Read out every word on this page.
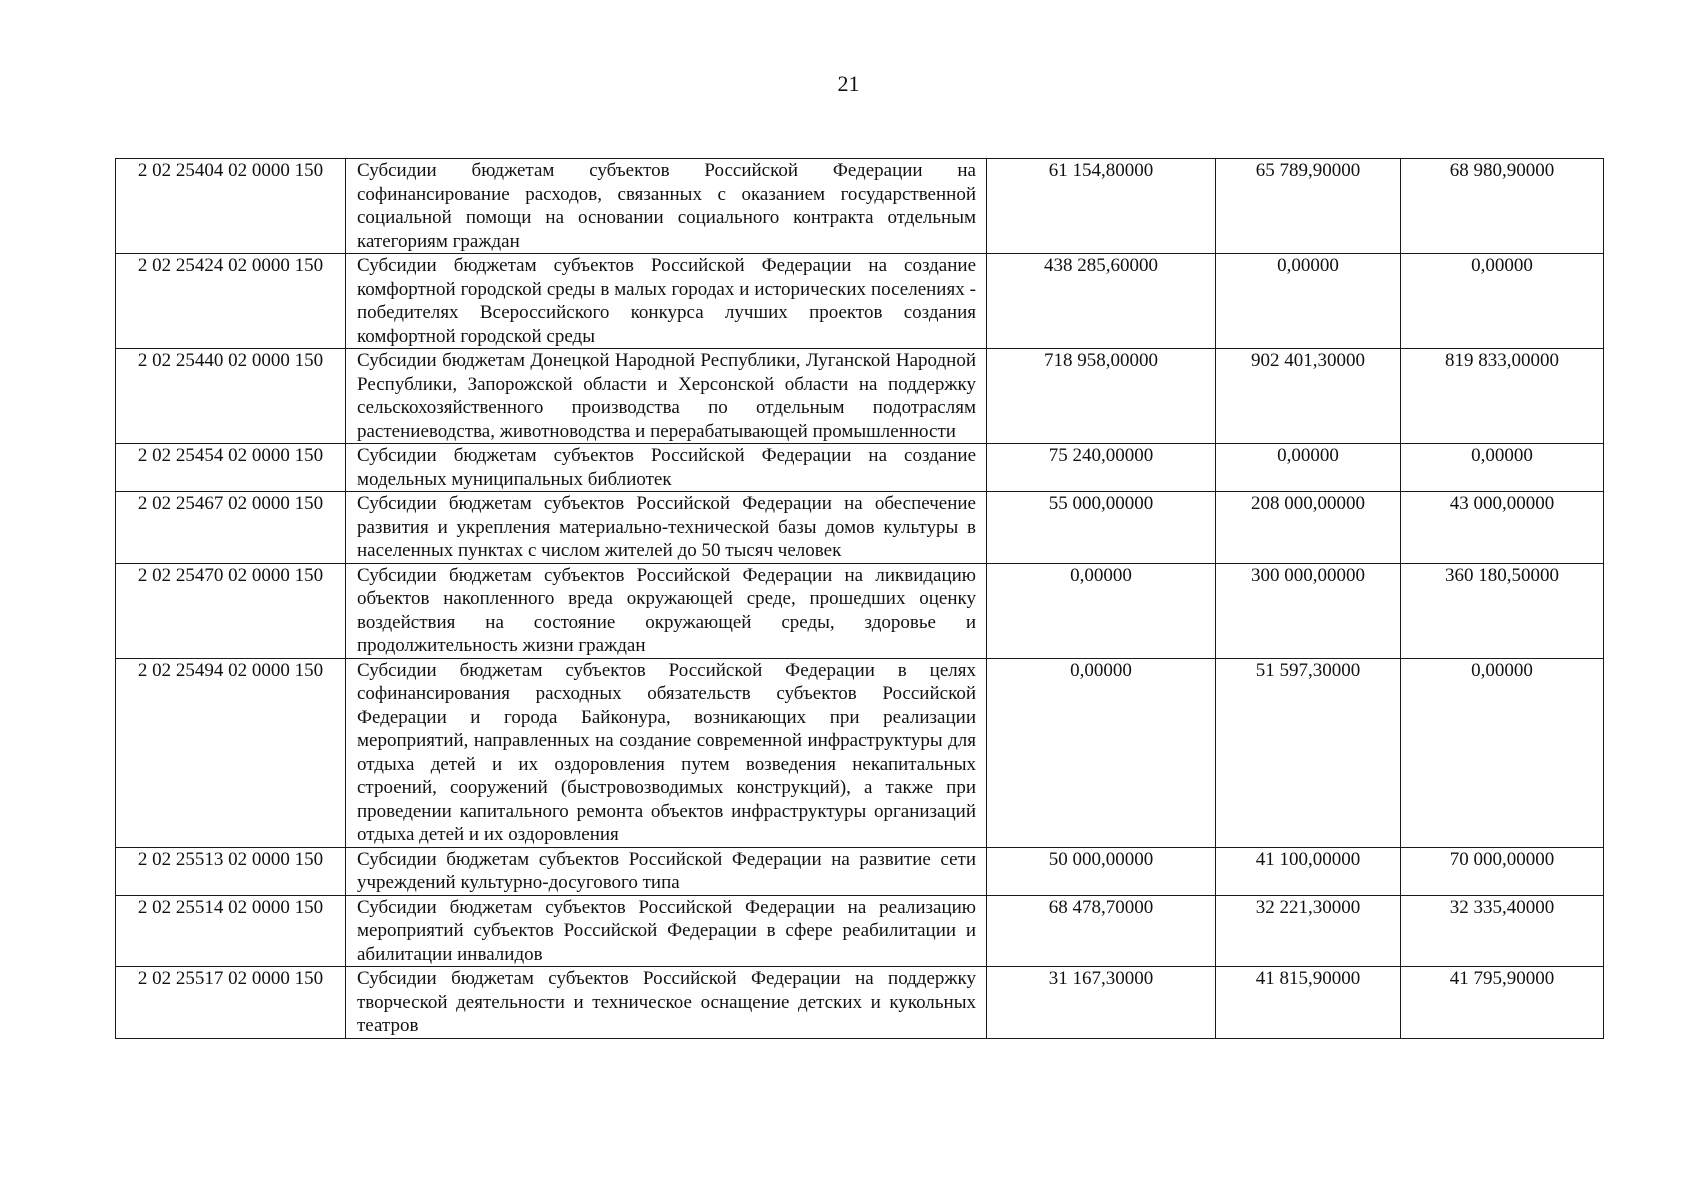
21
2 02 25404 02 0000 150	Субсидии бюджетам субъектов Российской Федерации на софинансирование расходов, связанных с оказанием государственной социальной помощи на основании социального контракта отдельным категориям граждан	61 154,80000	65 789,90000	68 980,90000
2 02 25424 02 0000 150	Субсидии бюджетам субъектов Российской Федерации на создание комфортной городской среды в малых городах и исторических поселениях - победителях Всероссийского конкурса лучших проектов создания комфортной городской среды	438 285,60000	0,00000	0,00000
2 02 25440 02 0000 150	Субсидии бюджетам Донецкой Народной Республики, Луганской Народной Республики, Запорожской области и Херсонской области на поддержку сельскохозяйственного производства по отдельным подотраслям растениеводства, животноводства и перерабатывающей промышленности	718 958,00000	902 401,30000	819 833,00000
2 02 25454 02 0000 150	Субсидии бюджетам субъектов Российской Федерации на создание модельных муниципальных библиотек	75 240,00000	0,00000	0,00000
2 02 25467 02 0000 150	Субсидии бюджетам субъектов Российской Федерации на обеспечение развития и укрепления материально-технической базы домов культуры в населенных пунктах с числом жителей до 50 тысяч человек	55 000,00000	208 000,00000	43 000,00000
2 02 25470 02 0000 150	Субсидии бюджетам субъектов Российской Федерации на ликвидацию объектов накопленного вреда окружающей среде, прошедших оценку воздействия на состояние окружающей среды, здоровье и продолжительность жизни граждан	0,00000	300 000,00000	360 180,50000
2 02 25494 02 0000 150	Субсидии бюджетам субъектов Российской Федерации в целях софинансирования расходных обязательств субъектов Российской Федерации и города Байконура, возникающих при реализации мероприятий, направленных на создание современной инфраструктуры для отдыха детей и их оздоровления путем возведения некапитальных строений, сооружений (быстровозводимых конструкций), а также при проведении капитального ремонта объектов инфраструктуры организаций отдыха детей и их оздоровления	0,00000	51 597,30000	0,00000
2 02 25513 02 0000 150	Субсидии бюджетам субъектов Российской Федерации на развитие сети учреждений культурно-досугового типа	50 000,00000	41 100,00000	70 000,00000
2 02 25514 02 0000 150	Субсидии бюджетам субъектов Российской Федерации на реализацию мероприятий субъектов Российской Федерации в сфере реабилитации и абилитации инвалидов	68 478,70000	32 221,30000	32 335,40000
2 02 25517 02 0000 150	Субсидии бюджетам субъектов Российской Федерации на поддержку творческой деятельности и техническое оснащение детских и кукольных театров	31 167,30000	41 815,90000	41 795,90000
